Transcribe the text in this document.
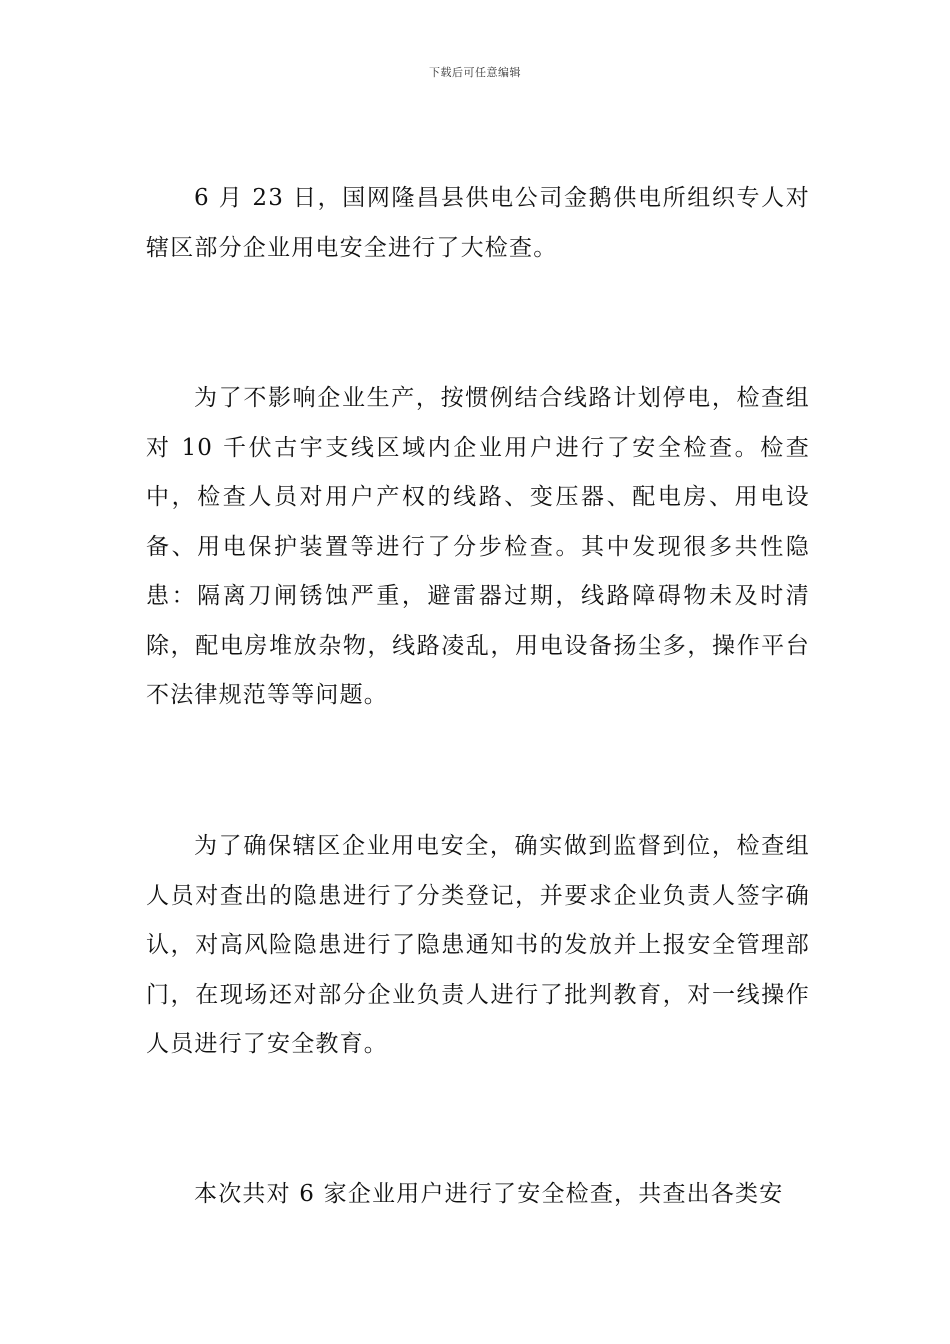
下载后可任意编辑

6 月 23 日，国网隆昌县供电公司金鹅供电所组织专人对辖区部分企业用电安全进行了大检查。

为了不影响企业生产，按惯例结合线路计划停电，检查组对 10 千伏古宇支线区域内企业用户进行了安全检查。检查中，检查人员对用户产权的线路、变压器、配电房、用电设备、用电保护装置等进行了分步检查。其中发现很多共性隐患：隔离刀闸锈蚀严重，避雷器过期，线路障碍物未及时清除，配电房堆放杂物，线路凌乱，用电设备扬尘多，操作平台不法律规范等等问题。

为了确保辖区企业用电安全，确实做到监督到位，检查组人员对查出的隐患进行了分类登记，并要求企业负责人签字确认，对高风险隐患进行了隐患通知书的发放并上报安全管理部门，在现场还对部分企业负责人进行了批判教育，对一线操作人员进行了安全教育。

本次共对 6 家企业用户进行了安全检查，共查出各类安
